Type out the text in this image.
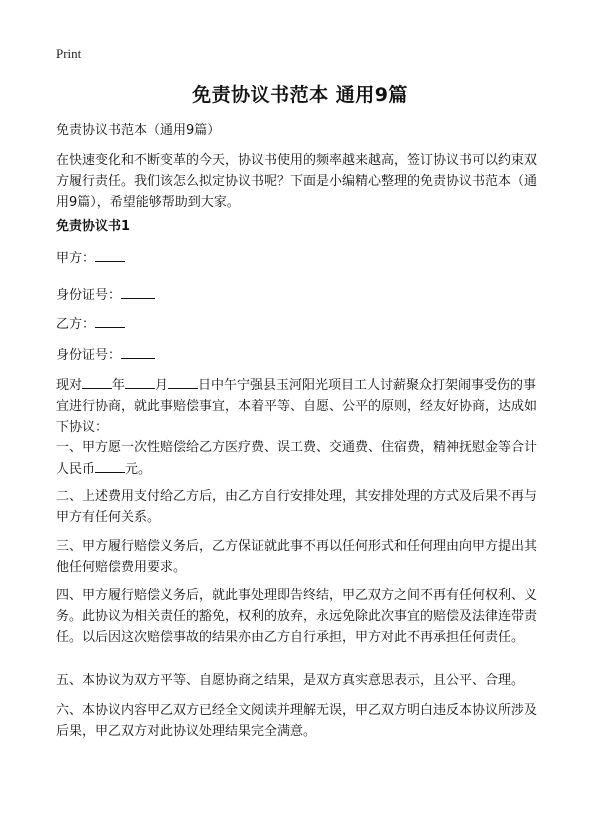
Print
免责协议书范本 通用9篇
免责协议书范本（通用9篇）
在快速变化和不断变革的今天，协议书使用的频率越来越高，签订协议书可以约束双方履行责任。我们该怎么拟定协议书呢？下面是小编精心整理的免责协议书范本（通用9篇），希望能够帮助到大家。
免责协议书1
甲方：
身份证号：
乙方：
身份证号：
现对 年 月 日中午宁强县玉河阳光项目工人讨薪聚众打架闹事受伤的事宜进行协商，就此事赔偿事宜，本着平等、自愿、公平的原则，经友好协商，达成如下协议：
一、甲方愿一次性赔偿给乙方医疗费、误工费、交通费、住宿费，精神抚慰金等合计人民币 元。
二、上述费用支付给乙方后，由乙方自行安排处理，其安排处理的方式及后果不再与甲方有任何关系。
三、甲方履行赔偿义务后，乙方保证就此事不再以任何形式和任何理由向甲方提出其他任何赔偿费用要求。
四、甲方履行赔偿义务后，就此事处理即告终结，甲乙双方之间不再有任何权利、义务。此协议为相关责任的豁免，权利的放弃，永远免除此次事宜的赔偿及法律连带责任。以后因这次赔偿事故的结果亦由乙方自行承担，甲方对此不再承担任何责任。
五、本协议为双方平等、自愿协商之结果，是双方真实意思表示，且公平、合理。
六、本协议内容甲乙双方已经全文阅读并理解无误，甲乙双方明白违反本协议所涉及后果，甲乙双方对此协议处理结果完全满意。
